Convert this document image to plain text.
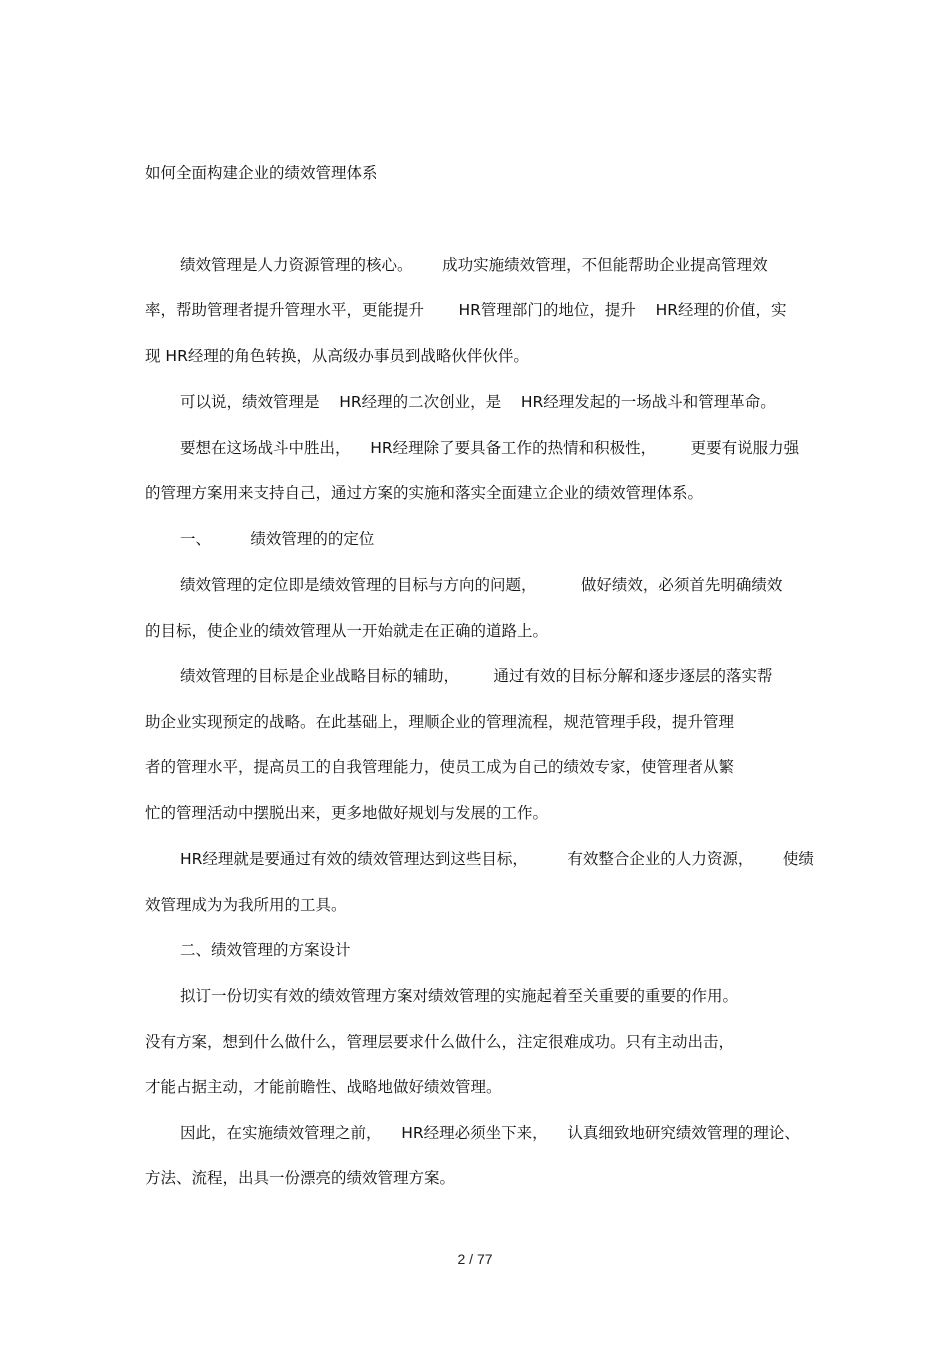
如何全面构建企业的绩效管理体系
绩效管理是人力资源管理的核心。      成功实施绩效管理，不但能帮助企业提高管理效
率，帮助管理者提升管理水平，更能提升       HR管理部门的地位，提升    HR经理的价值，实
现 HR经理的角色转换，从高级办事员到战略伙伴伙伴。
可以说，绩效管理是    HR经理的二次创业，是    HR经理发起的一场战斗和管理革命。
要想在这场战斗中胜出，    HR经理除了要具备工作的热情和积极性，       更要有说服力强
的管理方案用来支持自己，通过方案的实施和落实全面建立企业的绩效管理体系。
一、        绩效管理的的定位
绩效管理的定位即是绩效管理的目标与方向的问题，         做好绩效，必须首先明确绩效
的目标，使企业的绩效管理从一开始就走在正确的道路上。
绩效管理的目标是企业战略目标的辅助，       通过有效的目标分解和逐步逐层的落实帮
助企业实现预定的战略。在此基础上，理顺企业的管理流程，规范管理手段，提升管理
者的管理水平，提高员工的自我管理能力，使员工成为自己的绩效专家，使管理者从繁
忙的管理活动中摆脱出来，更多地做好规划与发展的工作。
HR经理就是要通过有效的绩效管理达到这些目标，        有效整合企业的人力资源，      使绩
效管理成为为我所用的工具。
二、绩效管理的方案设计
拟订一份切实有效的绩效管理方案对绩效管理的实施起着至关重要的重要的作用。
没有方案，想到什么做什么，管理层要求什么做什么，注定很难成功。只有主动出击，
才能占据主动，才能前瞻性、战略地做好绩效管理。
因此，在实施绩效管理之前，    HR经理必须坐下来，    认真细致地研究绩效管理的理论、
方法、流程，出具一份漂亮的绩效管理方案。
2 / 77
